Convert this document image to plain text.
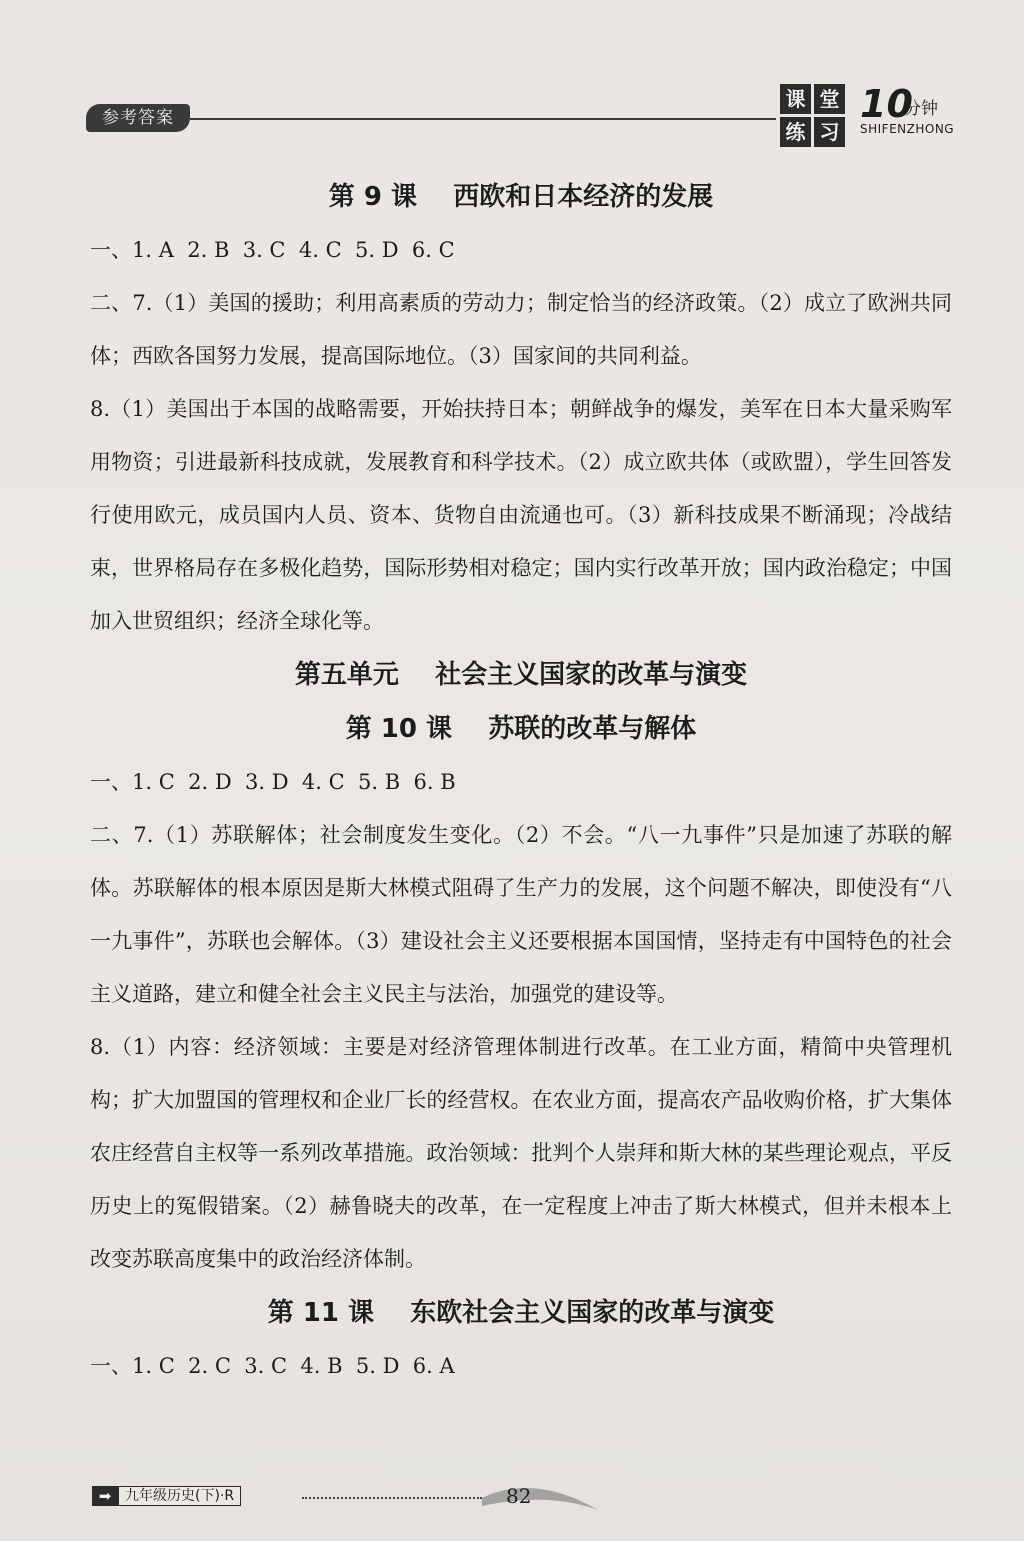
参考答案
课 堂
练 习
10
分钟
SHIFENZHONG
第 9 课    西欧和日本经济的发展

一、1. A  2. B  3. C  4. C  5. D  6. C

二、7.（1）美国的援助；利用高素质的劳动力；制定恰当的经济政策。（2）成立了欧洲共同体；西欧各国努力发展，提高国际地位。（3）国家间的共同利益。

8.（1）美国出于本国的战略需要，开始扶持日本；朝鲜战争的爆发，美军在日本大量采购军用物资；引进最新科技成就，发展教育和科学技术。（2）成立欧共体（或欧盟），学生回答发行使用欧元，成员国内人员、资本、货物自由流通也可。（3）新科技成果不断涌现；冷战结束，世界格局存在多极化趋势，国际形势相对稳定；国内实行改革开放；国内政治稳定；中国加入世贸组织；经济全球化等。

第五单元    社会主义国家的改革与演变
第 10 课    苏联的改革与解体

一、1. C  2. D  3. D  4. C  5. B  6. B

二、7.（1）苏联解体；社会制度发生变化。（2）不会。“八一九事件”只是加速了苏联的解体。苏联解体的根本原因是斯大林模式阻碍了生产力的发展，这个问题不解决，即使没有“八一九事件”，苏联也会解体。（3）建设社会主义还要根据本国国情，坚持走有中国特色的社会主义道路，建立和健全社会主义民主与法治，加强党的建设等。

8.（1）内容：经济领域：主要是对经济管理体制进行改革。在工业方面，精简中央管理机构；扩大加盟国的管理权和企业厂长的经营权。在农业方面，提高农产品收购价格，扩大集体农庄经营自主权等一系列改革措施。政治领域：批判个人崇拜和斯大林的某些理论观点，平反历史上的冤假错案。（2）赫鲁晓夫的改革，在一定程度上冲击了斯大林模式，但并未根本上改变苏联高度集中的政治经济体制。

第 11 课    东欧社会主义国家的改革与演变

一、1. C  2. C  3. C  4. B  5. D  6. A

➡ 九年级历史(下)·R	82
